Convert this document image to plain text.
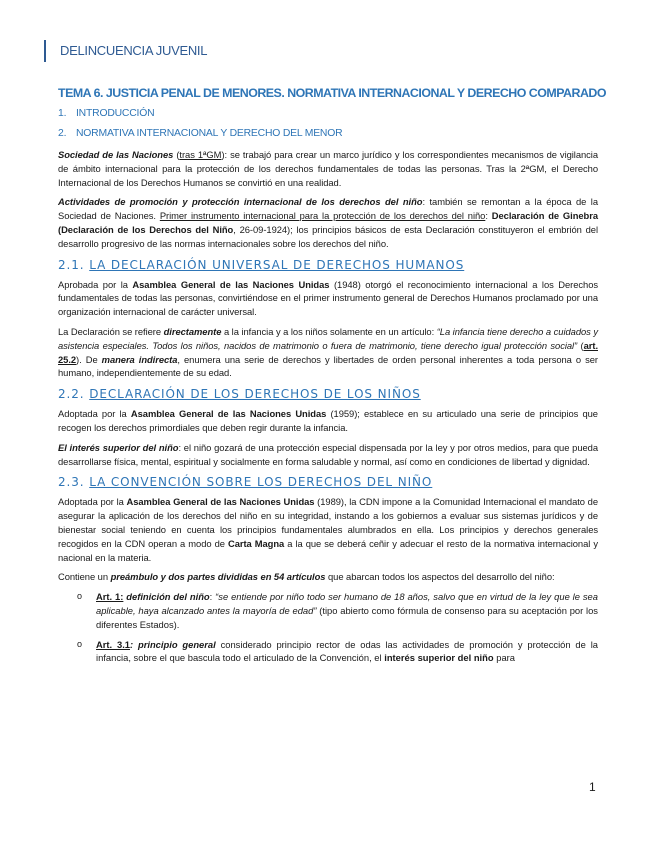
DELINCUENCIA JUVENIL
TEMA 6. JUSTICIA PENAL DE MENORES. NORMATIVA INTERNACIONAL Y DERECHO COMPARADO
1. INTRODUCCIÓN
2. NORMATIVA INTERNACIONAL Y DERECHO DEL MENOR

Sociedad de las Naciones (tras 1ªGM): se trabajó para crear un marco jurídico y los correspondientes mecanismos de vigilancia de ámbito internacional para la protección de los derechos fundamentales de todas las personas. Tras la 2ªGM, el Derecho Internacional de los Derechos Humanos se convirtió en una realidad.

Actividades de promoción y protección internacional de los derechos del niño: también se remontan a la época de la Sociedad de Naciones. Primer instrumento internacional para la protección de los derechos del niño: Declaración de Ginebra (Declaración de los Derechos del Niño, 26-09-1924); los principios básicos de esta Declaración constituyeron el embrión del desarrollo progresivo de las normas internacionales sobre los derechos del niño.

2.1. LA DECLARACIÓN UNIVERSAL DE DERECHOS HUMANOS

Aprobada por la Asamblea General de las Naciones Unidas (1948) otorgó el reconocimiento internacional a los Derechos fundamentales de todas las personas, convirtiéndose en el primer instrumento general de Derechos Humanos proclamado por una organización internacional de carácter universal.

La Declaración se refiere directamente a la infancia y a los niños solamente en un artículo: “La infancia tiene derecho a cuidados y asistencia especiales. Todos los niños, nacidos de matrimonio o fuera de matrimonio, tiene derecho igual protección social” (art. 25.2). De manera indirecta, enumera una serie de derechos y libertades de orden personal inherentes a toda persona o ser humano, independientemente de su edad.

2.2. DECLARACIÓN DE LOS DERECHOS DE LOS NIÑOS

Adoptada por la Asamblea General de las Naciones Unidas (1959); establece en su articulado una serie de principios que recogen los derechos primordiales que deben regir durante la infancia.

El interés superior del niño: el niño gozará de una protección especial dispensada por la ley y por otros medios, para que pueda desarrollarse física, mental, espiritual y socialmente en forma saludable y normal, así como en condiciones de libertad y dignidad.

2.3. LA CONVENCIÓN SOBRE LOS DERECHOS DEL NIÑO

Adoptada por la Asamblea General de las Naciones Unidas (1989), la CDN impone a la Comunidad Internacional el mandato de asegurar la aplicación de los derechos del niño en su integridad, instando a los gobiernos a evaluar sus sistemas jurídicos y de bienestar social teniendo en cuenta los principios fundamentales alumbrados en ella. Los principios y derechos generales recogidos en la CDN operan a modo de Carta Magna a la que se deberá ceñir y adecuar el resto de la normativa internacional y nacional en la materia.

Contiene un preámbulo y dos partes divididas en 54 artículos que abarcan todos los aspectos del desarrollo del niño:

o Art. 1: definición del niño: “se entiende por niño todo ser humano de 18 años, salvo que en virtud de la ley que le sea aplicable, haya alcanzado antes la mayoría de edad” (tipo abierto como fórmula de consenso para su aceptación por los diferentes Estados).
o Art. 3.1: principio general considerado principio rector de odas las actividades de promoción y protección de la infancia, sobre el que bascula todo el articulado de la Convención, el interés superior del niño para
1
